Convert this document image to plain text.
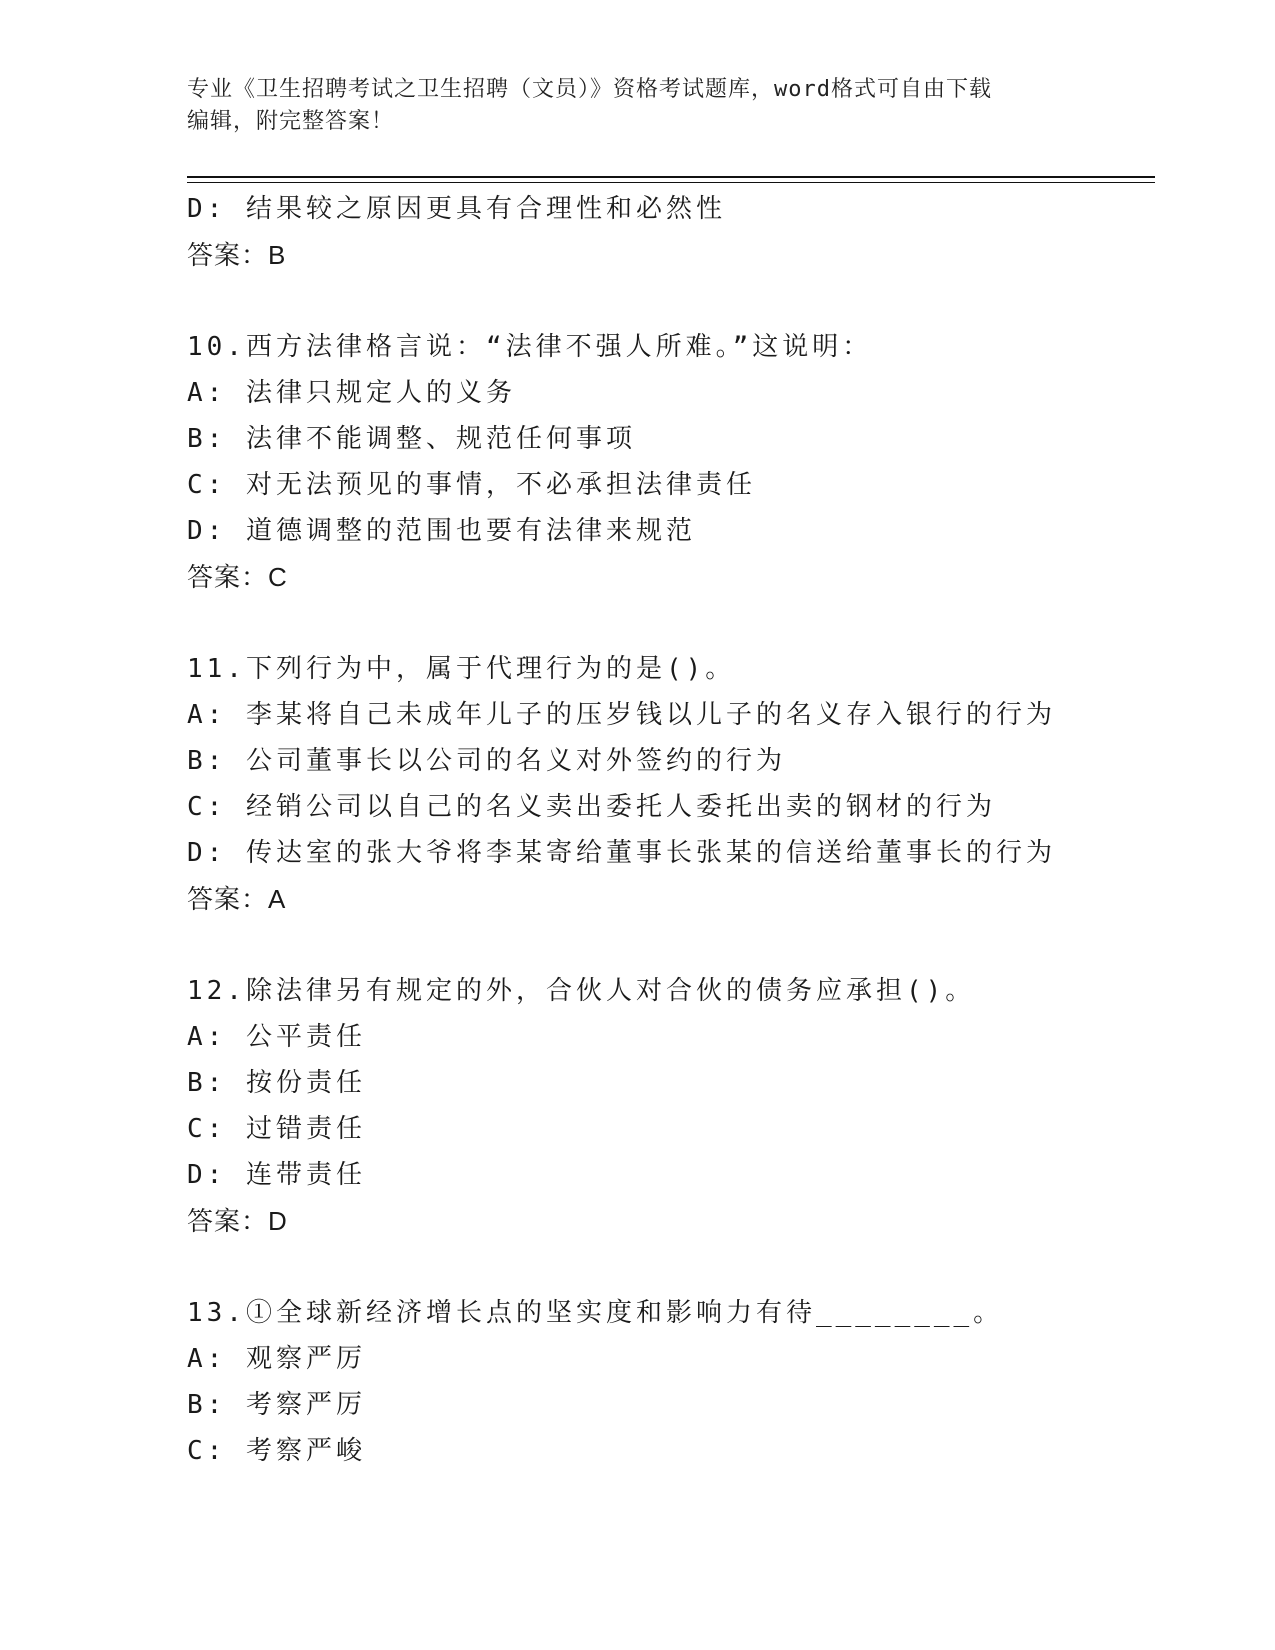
专业《卫生招聘考试之卫生招聘（文员）》资格考试题库，word格式可自由下载
编辑，附完整答案！
D: 结果较之原因更具有合理性和必然性
答案：B
10.西方法律格言说：“法律不强人所难。”这说明：
A: 法律只规定人的义务
B: 法律不能调整、规范任何事项
C: 对无法预见的事情，不必承担法律责任
D: 道德调整的范围也要有法律来规范
答案：C
11.下列行为中，属于代理行为的是()。
A: 李某将自己未成年儿子的压岁钱以儿子的名义存入银行的行为
B: 公司董事长以公司的名义对外签约的行为
C: 经销公司以自己的名义卖出委托人委托出卖的钢材的行为
D: 传达室的张大爷将李某寄给董事长张某的信送给董事长的行为
答案：A
12.除法律另有规定的外，合伙人对合伙的债务应承担()。
A: 公平责任
B: 按份责任
C: 过错责任
D: 连带责任
答案：D
13.①全球新经济增长点的坚实度和影响力有待________。
A: 观察严厉
B: 考察严厉
C: 考察严峻
